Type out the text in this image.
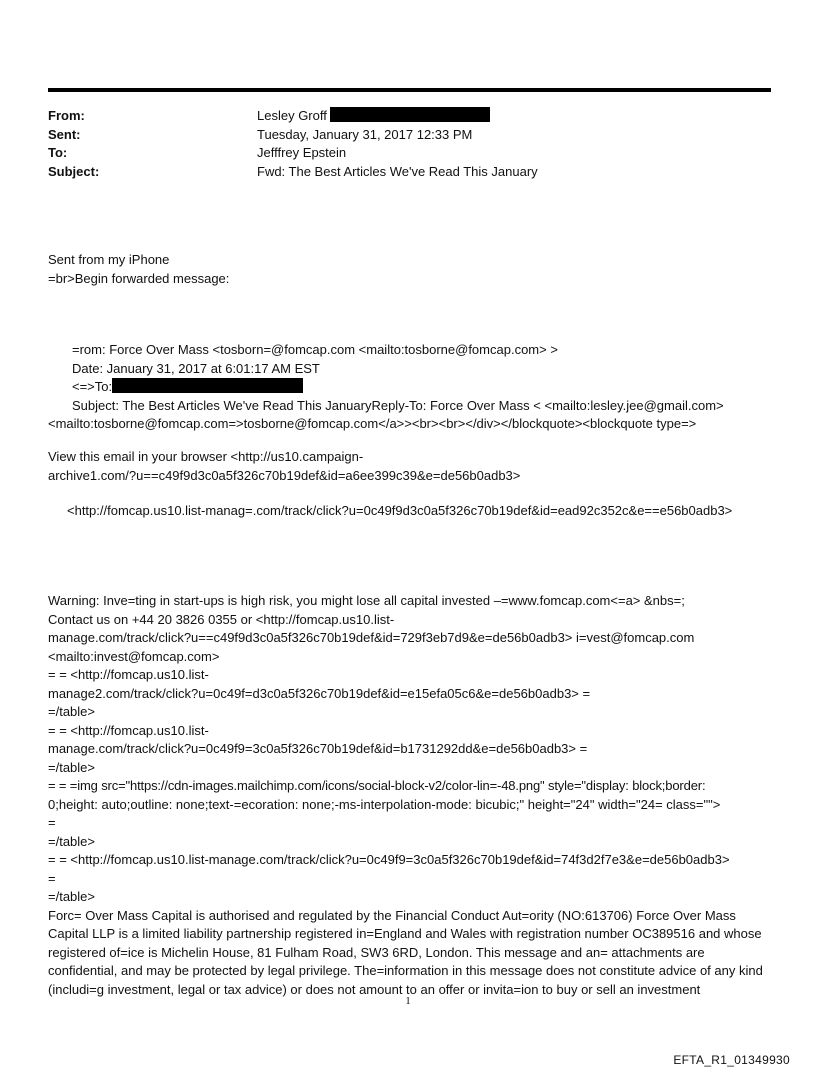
From:	Lesley Groff
Sent:	Tuesday, January 31, 2017 12:33 PM
To:	Jefffrey Epstein
Subject:	Fwd: The Best Articles We've Read This January
Sent from my iPhone
=br>Begin forwarded message:
=rom: Force Over Mass <tosborn=@fomcap.com <mailto:tosborne@fomcap.com> >
Date: January 31, 2017 at 6:01:17 AM EST
<=>To:
Subject: The Best Articles We've Read This JanuaryReply-To: Force Over Mass < <mailto:lesley.jee@gmail.com>
<mailto:tosborne@fomcap.com=>tosborne@fomcap.com</a>><br><br></div></blockquote><blockquote type=>
View this email in your browser <http://us10.campaign-
archive1.com/?u==c49f9d3c0a5f326c70b19def&id=a6ee399c39&e=de56b0adb3>
<http://fomcap.us10.list-manag=.com/track/click?u=0c49f9d3c0a5f326c70b19def&id=ead92c352c&e==e56b0adb3>
Warning: Inve=ting in start-ups is high risk, you might lose all capital invested –=www.fomcap.com<=a> &nbs=;
Contact us on +44 20 3826 0355 or <http://fomcap.us10.list-
manage.com/track/click?u==c49f9d3c0a5f326c70b19def&id=729f3eb7d9&e=de56b0adb3> i=vest@fomcap.com
<mailto:invest@fomcap.com>
= = <http://fomcap.us10.list-
manage2.com/track/click?u=0c49f=d3c0a5f326c70b19def&id=e15efa05c6&e=de56b0adb3> =
=/table>
= = <http://fomcap.us10.list-
manage.com/track/click?u=0c49f9=3c0a5f326c70b19def&id=b1731292dd&e=de56b0adb3> =
=/table>
= = =img src="https://cdn-images.mailchimp.com/icons/social-block-v2/color-lin=-48.png" style="display: block;border:
0;height: auto;outline: none;text-=ecoration: none;-ms-interpolation-mode: bicubic;" height="24" width="24= class="">
=
=/table>
= = <http://fomcap.us10.list-manage.com/track/click?u=0c49f9=3c0a5f326c70b19def&id=74f3d2f7e3&e=de56b0adb3>
=
=/table>
Forc= Over Mass Capital is authorised and regulated by the Financial Conduct Aut=ority (NO:613706) Force Over Mass Capital LLP is a limited liability partnership registered in=England and Wales with registration number OC389516 and whose registered of=ice is Michelin House, 81 Fulham Road, SW3 6RD, London. This message and an= attachments are confidential, and may be protected by legal privilege. The=information in this message does not constitute advice of any kind (includi=g investment, legal or tax advice) or does not amount to an offer or invita=ion to buy or sell an investment
1
EFTA_R1_01349930
